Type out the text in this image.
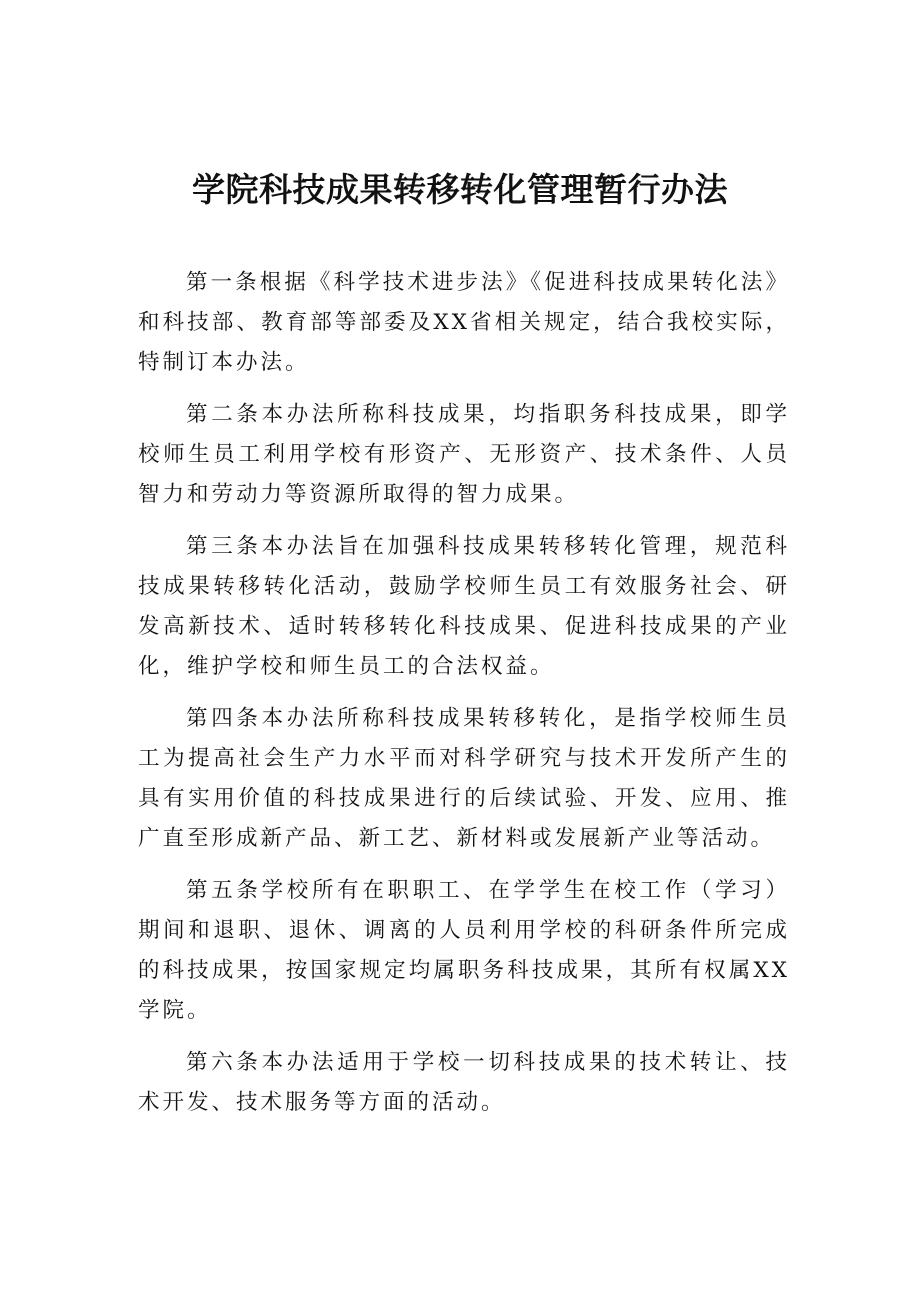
学院科技成果转移转化管理暂行办法

第一条根据《科学技术进步法》《促进科技成果转化法》和科技部、教育部等部委及XX省相关规定，结合我校实际，特制订本办法。

第二条本办法所称科技成果，均指职务科技成果，即学校师生员工利用学校有形资产、无形资产、技术条件、人员智力和劳动力等资源所取得的智力成果。

第三条本办法旨在加强科技成果转移转化管理，规范科技成果转移转化活动，鼓励学校师生员工有效服务社会、研发高新技术、适时转移转化科技成果、促进科技成果的产业化，维护学校和师生员工的合法权益。

第四条本办法所称科技成果转移转化，是指学校师生员工为提高社会生产力水平而对科学研究与技术开发所产生的具有实用价值的科技成果进行的后续试验、开发、应用、推广直至形成新产品、新工艺、新材料或发展新产业等活动。

第五条学校所有在职职工、在学学生在校工作（学习）期间和退职、退休、调离的人员利用学校的科研条件所完成的科技成果，按国家规定均属职务科技成果，其所有权属XX学院。

第六条本办法适用于学校一切科技成果的技术转让、技术开发、技术服务等方面的活动。
